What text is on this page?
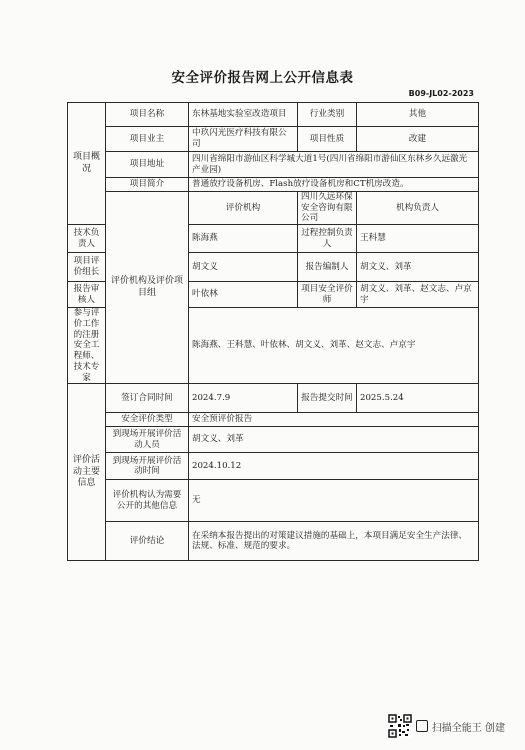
安全评价报告网上公开信息表
B09-JL02-2023
项目概况	项目名称	东林基地实验室改造项目	行业类别	其他	
	项目业主	中玖闪光医疗科技有限公司	项目性质	改建	
	项目地址	四川省绵阳市游仙区科学城大道1号(四川省绵阳市游仙区东林乡久远激光产业园)			
	项目简介	普通放疗设备机房、Flash放疗设备机房和CT机房改造。			
	评价机构及评价项目组	评价机构	四川久远环保安全咨询有限公司	机构负责人	
技术负责人		陈海燕	过程控制负责人	王科慧	
项目评价组长		胡文义	报告编制人	胡文义、刘革	
报告审核人		叶依林	项目安全评价师	胡文义、刘革、赵文志、卢京宇	
参与评价工作的注册安全工程师、技术专家		陈海燕、王科慧、叶依林、胡文义、刘革、赵文志、卢京宇			
评价活动主要信息	签订合同时间	2024.7.9	报告提交时间	2025.5.24	
	安全评价类型	安全预评价报告			
	到现场开展评价活动人员	胡文义、刘革			
	到现场开展评价活动时间	2024.10.12			
	评价机构认为需要公开的其他信息	无			
	评价结论	在采纳本报告提出的对策建议措施的基础上，本项目满足安全生产法律、法规、标准、规范的要求。			
扫描全能王 创建
